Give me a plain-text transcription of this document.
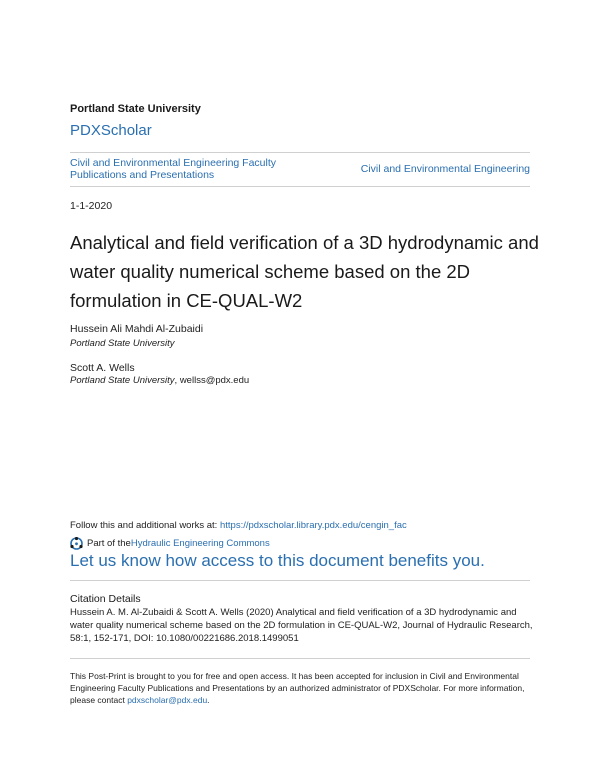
Portland State University
PDXScholar
Civil and Environmental Engineering Faculty Publications and Presentations	Civil and Environmental Engineering
1-1-2020
Analytical and field verification of a 3D hydrodynamic and water quality numerical scheme based on the 2D formulation in CE-QUAL-W2
Hussein Ali Mahdi Al-Zubaidi
Portland State University
Scott A. Wells
Portland State University, wellss@pdx.edu
Follow this and additional works at: https://pdxscholar.library.pdx.edu/cengin_fac
Part of the Hydraulic Engineering Commons
Let us know how access to this document benefits you.
Citation Details
Hussein A. M. Al-Zubaidi & Scott A. Wells (2020) Analytical and field verification of a 3D hydrodynamic and water quality numerical scheme based on the 2D formulation in CE-QUAL-W2, Journal of Hydraulic Research, 58:1, 152-171, DOI: 10.1080/00221686.2018.1499051
This Post-Print is brought to you for free and open access. It has been accepted for inclusion in Civil and Environmental Engineering Faculty Publications and Presentations by an authorized administrator of PDXScholar. For more information, please contact pdxscholar@pdx.edu.
